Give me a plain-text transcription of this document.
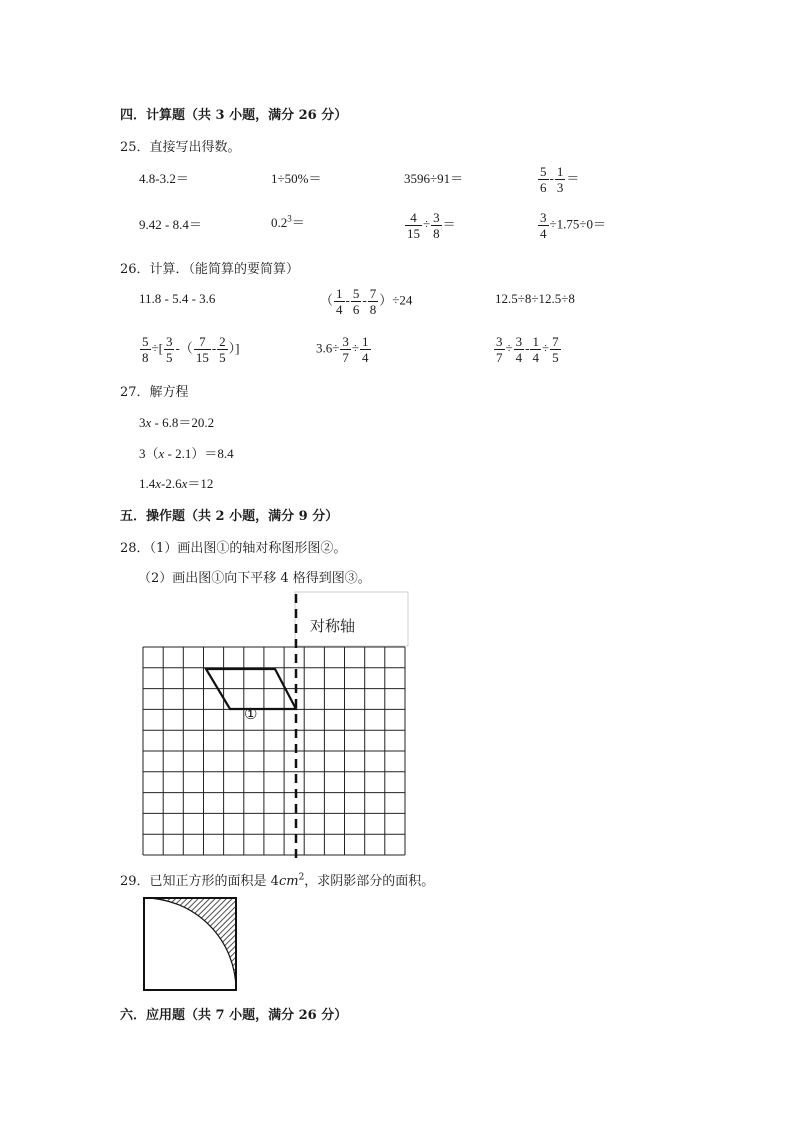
四．计算题（共 3 小题，满分 26 分）
25．直接写出得数。
4.8-3.2＝	1÷50%＝	3596÷91＝	$\frac{5}{6} - \frac{1}{3}$ ＝
9.42 - 8.4＝	$0.2^3=$	$\frac{4}{15} \div \frac{3}{8}$ ＝	$\frac{3}{4} \div 1.75\div 0=$
26．计算．（能简算的要简算）
11.8 - 5.4 - 3.6	（ $\frac{1}{4} - \frac{5}{6} - \frac{7}{8} )\div 24$	12.5÷8÷12.5÷8
$\frac{5}{8}$ ÷[ $\frac{3}{5}$ -（ $\frac{7}{15} - \frac{2}{5}$ ）]	$3.6\div \frac{3}{7} \div \frac{1}{4}$	$\frac{3}{7} \div \frac{3}{4} - \frac{1}{4} \div \frac{7}{5}$
27．解方程
3x - 6.8＝20.2
3（x - 2.1）＝8.4
1.4x-2.6x＝12
五．操作题（共 2 小题，满分 9 分）
28．（1）画出图①的轴对称图形图②。
（2）画出图①向下平移 4 格得到图③。
对称轴
①
29．已知正方形的面积是 $4cm^2$，求阴影部分的面积。
六．应用题（共 7 小题，满分 26 分）
